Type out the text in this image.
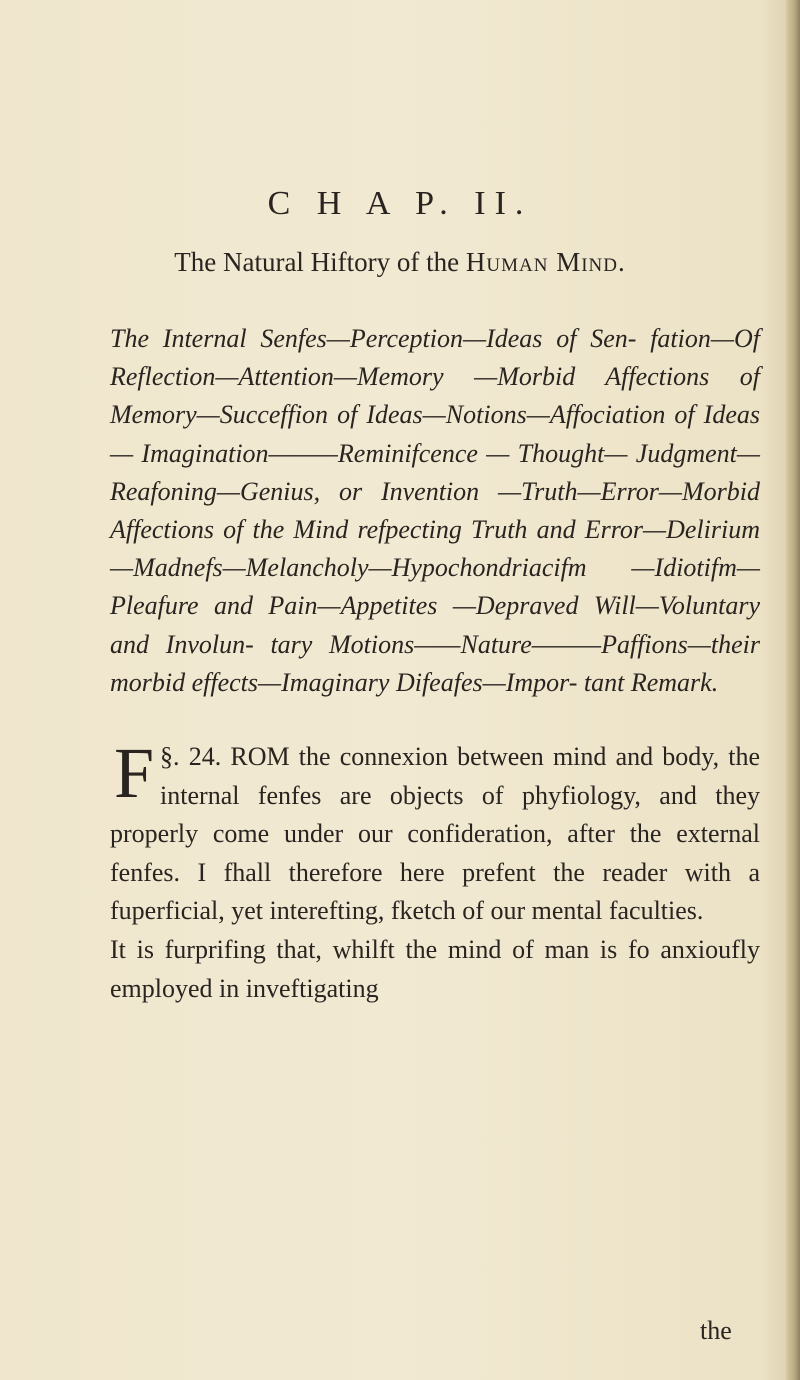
C H A P. II.
The Natural Hiftory of the Human Mind.
The Internal Senfes—Perception—Ideas of Sen- fation—Of Reflection—Attention—Memory —Morbid Affections of Memory—Succeffion of Ideas—Notions—Affociation of Ideas— Imagination———Reminifcence — Thought— Judgment—Reafoning—Genius, or Invention —Truth—Error—Morbid Affections of the Mind refpecting Truth and Error—Delirium —Madnefs—Melancholy—Hypochondriacifm —Idiotifm—Pleafure and Pain—Appetites —Depraved Will—Voluntary and Involun- tary Motions——Nature———Paffions—their morbid effects—Imaginary Difeafes—Impor- tant Remark.

§. 24.
F	ROM the connexion between mind and body, the internal fenfes are objects of phyfiology, and they properly come under our confideration, after the external fenfes. I fhall therefore here prefent the reader with a fuperficial, yet interefting, fketch of our mental faculties.

It is furprifing that, whilft the mind of man is fo anxioufly employed in inveftigating

the
